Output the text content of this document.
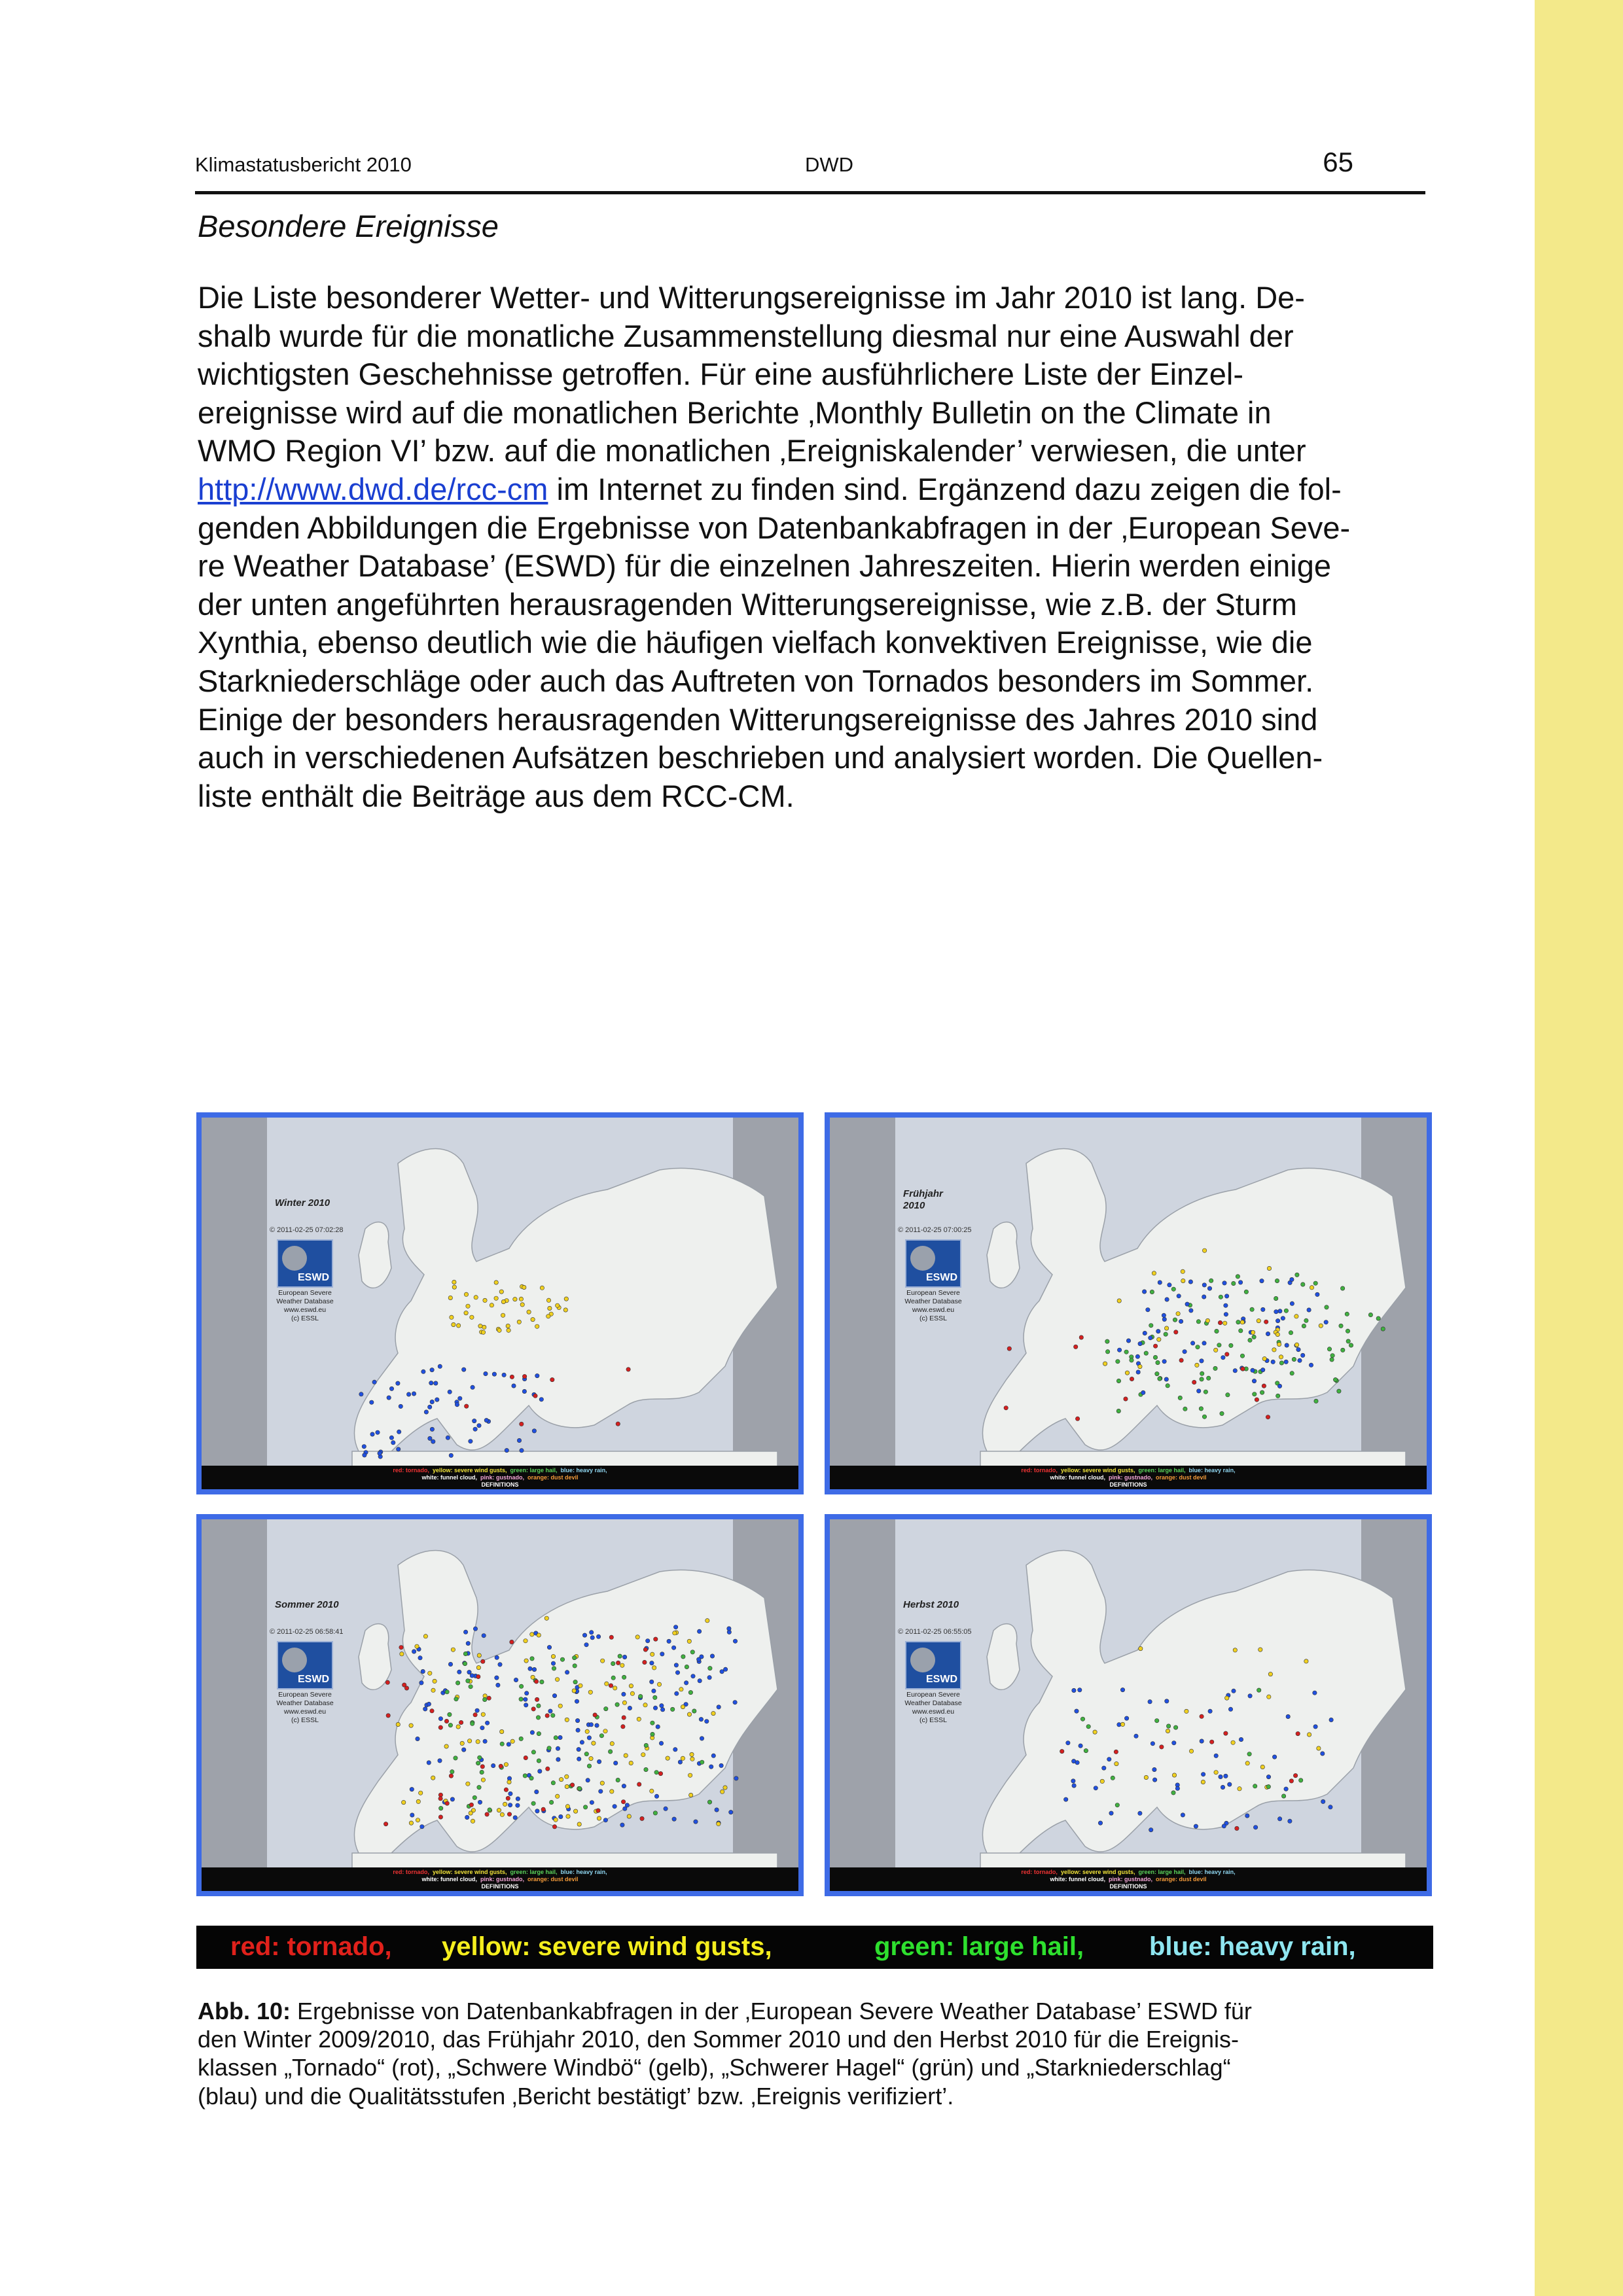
Klimastatusbericht 2010	DWD	65
Besondere Ereignisse
Die Liste besonderer Wetter- und Witterungsereignisse im Jahr 2010 ist lang. De-
shalb wurde für die monatliche Zusammenstellung diesmal nur eine Auswahl der
wichtigsten Geschehnisse getroffen. Für eine ausführlichere Liste der Einzel-
ereignisse wird auf die monatlichen Berichte ‚Monthly Bulletin on the Climate in
WMO Region VI’ bzw. auf die monatlichen ‚Ereigniskalender’ verwiesen, die unter
http://www.dwd.de/rcc-cm im Internet zu finden sind. Ergänzend dazu zeigen die fol-
genden Abbildungen die Ergebnisse von Datenbankabfragen in der ‚European Seve-
re Weather Database’ (ESWD) für die einzelnen Jahreszeiten. Hierin werden einige
der unten angeführten herausragenden Witterungsereignisse, wie z.B. der Sturm
Xynthia, ebenso deutlich wie die häufigen vielfach konvektiven Ereignisse, wie die
Starkniederschläge oder auch das Auftreten von Tornados besonders im Sommer.
Einige der besonders herausragenden Witterungsereignisse des Jahres 2010 sind
auch in verschiedenen Aufsätzen beschrieben und analysiert worden. Die Quellen-
liste enthält die Beiträge aus dem RCC-CM.
Winter 2010
© 2011-02-25 07:02:28
ESWD
European Severe
Weather Database
www.eswd.eu
(c) ESSL
red: tornado, yellow: severe wind gusts, green: large hail, blue: heavy rain,
white: funnel cloud, pink: gustnado, orange: dust devil
DEFINITIONS
Frühjahr
2010
© 2011-02-25 07:00:25
ESWD
European Severe
Weather Database
www.eswd.eu
(c) ESSL
red: tornado, yellow: severe wind gusts, green: large hail, blue: heavy rain,
white: funnel cloud, pink: gustnado, orange: dust devil
DEFINITIONS
Sommer 2010
© 2011-02-25 06:58:41
ESWD
European Severe
Weather Database
www.eswd.eu
(c) ESSL
red: tornado, yellow: severe wind gusts, green: large hail, blue: heavy rain,
white: funnel cloud, pink: gustnado, orange: dust devil
DEFINITIONS
Herbst 2010
© 2011-02-25 06:55:05
ESWD
European Severe
Weather Database
www.eswd.eu
(c) ESSL
red: tornado, yellow: severe wind gusts, green: large hail, blue: heavy rain,
white: funnel cloud, pink: gustnado, orange: dust devil
DEFINITIONS
red: tornado, yellow: severe wind gusts,	green: large hail, blue: heavy rain,
Abb. 10: Ergebnisse von Datenbankabfragen in der ‚European Severe Weather Database’ ESWD für
den Winter 2009/2010, das Frühjahr 2010, den Sommer 2010 und den Herbst 2010 für die Ereignis-
klassen „Tornado“ (rot), „Schwere Windbö“ (gelb), „Schwerer Hagel“ (grün) und „Starkniederschlag“
(blau) und die Qualitätsstufen ‚Bericht bestätigt’ bzw. ‚Ereignis verifiziert’.
